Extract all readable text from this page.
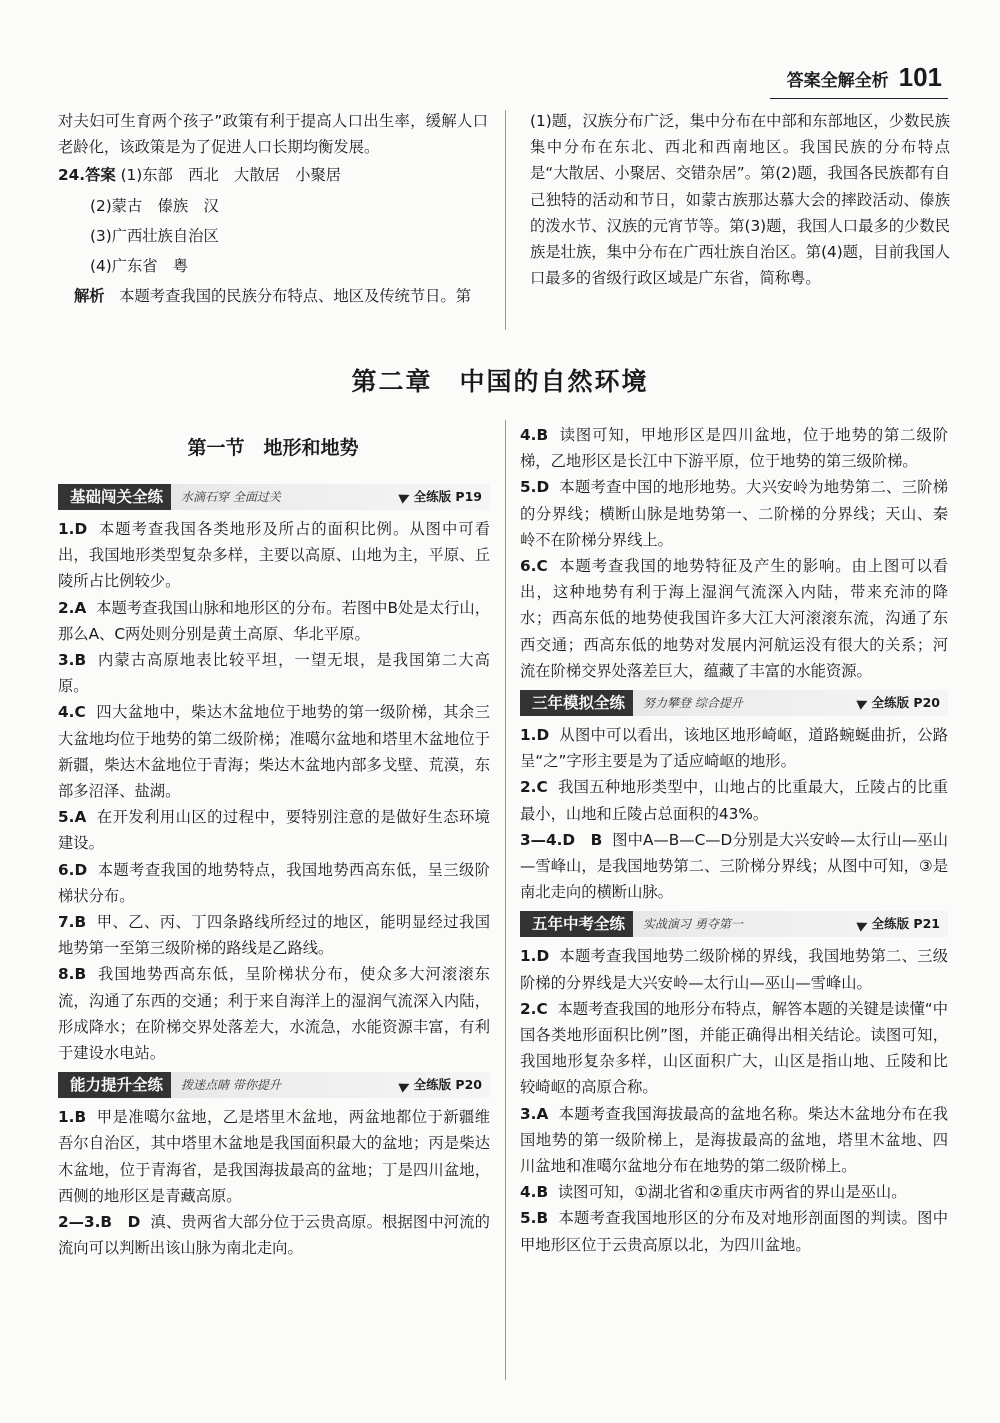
答案全解全析 101

对夫妇可生育两个孩子”政策有利于提高人口出生率，缓解人口老龄化，该政策是为了促进人口长期均衡发展。

24.答案 (1)东部　西北　大散居　小聚居

(2)蒙古　傣族　汉

(3)广西壮族自治区

(4)广东省　粤

解析 本题考查我国的民族分布特点、地区及传统节日。第

(1)题，汉族分布广泛，集中分布在中部和东部地区，少数民族集中分布在东北、西北和西南地区。我国民族的分布特点是“大散居、小聚居、交错杂居”。第(2)题，我国各民族都有自己独特的活动和节日，如蒙古族那达慕大会的摔跤活动、傣族的泼水节、汉族的元宵节等。第(3)题，我国人口最多的少数民族是壮族，集中分布在广西壮族自治区。第(4)题，目前我国人口最多的省级行政区域是广东省，简称粤。

第二章　中国的自然环境
第一节　地形和地势
基础闯关全练	水滴石穿 全面过关	全练版 P19

1.D 本题考查我国各类地形及所占的面积比例。从图中可看出，我国地形类型复杂多样，主要以高原、山地为主，平原、丘陵所占比例较少。

2.A 本题考查我国山脉和地形区的分布。若图中B处是太行山，那么A、C两处则分别是黄土高原、华北平原。

3.B 内蒙古高原地表比较平坦，一望无垠，是我国第二大高原。

4.C 四大盆地中，柴达木盆地位于地势的第一级阶梯，其余三大盆地均位于地势的第二级阶梯；准噶尔盆地和塔里木盆地位于新疆，柴达木盆地位于青海；柴达木盆地内部多戈壁、荒漠，东部多沼泽、盐湖。

5.A 在开发利用山区的过程中，要特别注意的是做好生态环境建设。

6.D 本题考查我国的地势特点，我国地势西高东低，呈三级阶梯状分布。

7.B 甲、乙、丙、丁四条路线所经过的地区，能明显经过我国地势第一至第三级阶梯的路线是乙路线。

8.B 我国地势西高东低，呈阶梯状分布，使众多大河滚滚东流，沟通了东西的交通；利于来自海洋上的湿润气流深入内陆，形成降水；在阶梯交界处落差大，水流急，水能资源丰富，有利于建设水电站。

能力提升全练	拨迷点睛 带你提升	全练版 P20

1.B 甲是准噶尔盆地，乙是塔里木盆地，两盆地都位于新疆维吾尔自治区，其中塔里木盆地是我国面积最大的盆地；丙是柴达木盆地，位于青海省，是我国海拔最高的盆地；丁是四川盆地，西侧的地形区是青藏高原。

2—3.B　D 滇、贵两省大部分位于云贵高原。根据图中河流的流向可以判断出该山脉为南北走向。

4.B 读图可知，甲地形区是四川盆地，位于地势的第二级阶梯，乙地形区是长江中下游平原，位于地势的第三级阶梯。

5.D 本题考查中国的地形地势。大兴安岭为地势第二、三阶梯的分界线；横断山脉是地势第一、二阶梯的分界线；天山、秦岭不在阶梯分界线上。

6.C 本题考查我国的地势特征及产生的影响。由上图可以看出，这种地势有利于海上湿润气流深入内陆，带来充沛的降水；西高东低的地势使我国许多大江大河滚滚东流，沟通了东西交通；西高东低的地势对发展内河航运没有很大的关系；河流在阶梯交界处落差巨大，蕴藏了丰富的水能资源。

三年模拟全练	努力攀登 综合提升	全练版 P20

1.D 从图中可以看出，该地区地形崎岖，道路蜿蜒曲折，公路呈“之”字形主要是为了适应崎岖的地形。

2.C 我国五种地形类型中，山地占的比重最大，丘陵占的比重最小，山地和丘陵占总面积的43%。

3—4.D　B 图中A—B—C—D分别是大兴安岭—太行山—巫山—雪峰山，是我国地势第二、三阶梯分界线；从图中可知，③是南北走向的横断山脉。

五年中考全练	实战演习 勇夺第一	全练版 P21

1.D 本题考查我国地势二级阶梯的界线，我国地势第二、三级阶梯的分界线是大兴安岭—太行山—巫山—雪峰山。

2.C 本题考查我国的地形分布特点，解答本题的关键是读懂“中国各类地形面积比例”图，并能正确得出相关结论。读图可知，我国地形复杂多样，山区面积广大，山区是指山地、丘陵和比较崎岖的高原合称。

3.A 本题考查我国海拔最高的盆地名称。柴达木盆地分布在我国地势的第一级阶梯上，是海拔最高的盆地，塔里木盆地、四川盆地和准噶尔盆地分布在地势的第二级阶梯上。

4.B 读图可知，①湖北省和②重庆市两省的界山是巫山。

5.B 本题考查我国地形区的分布及对地形剖面图的判读。图中甲地形区位于云贵高原以北，为四川盆地。
